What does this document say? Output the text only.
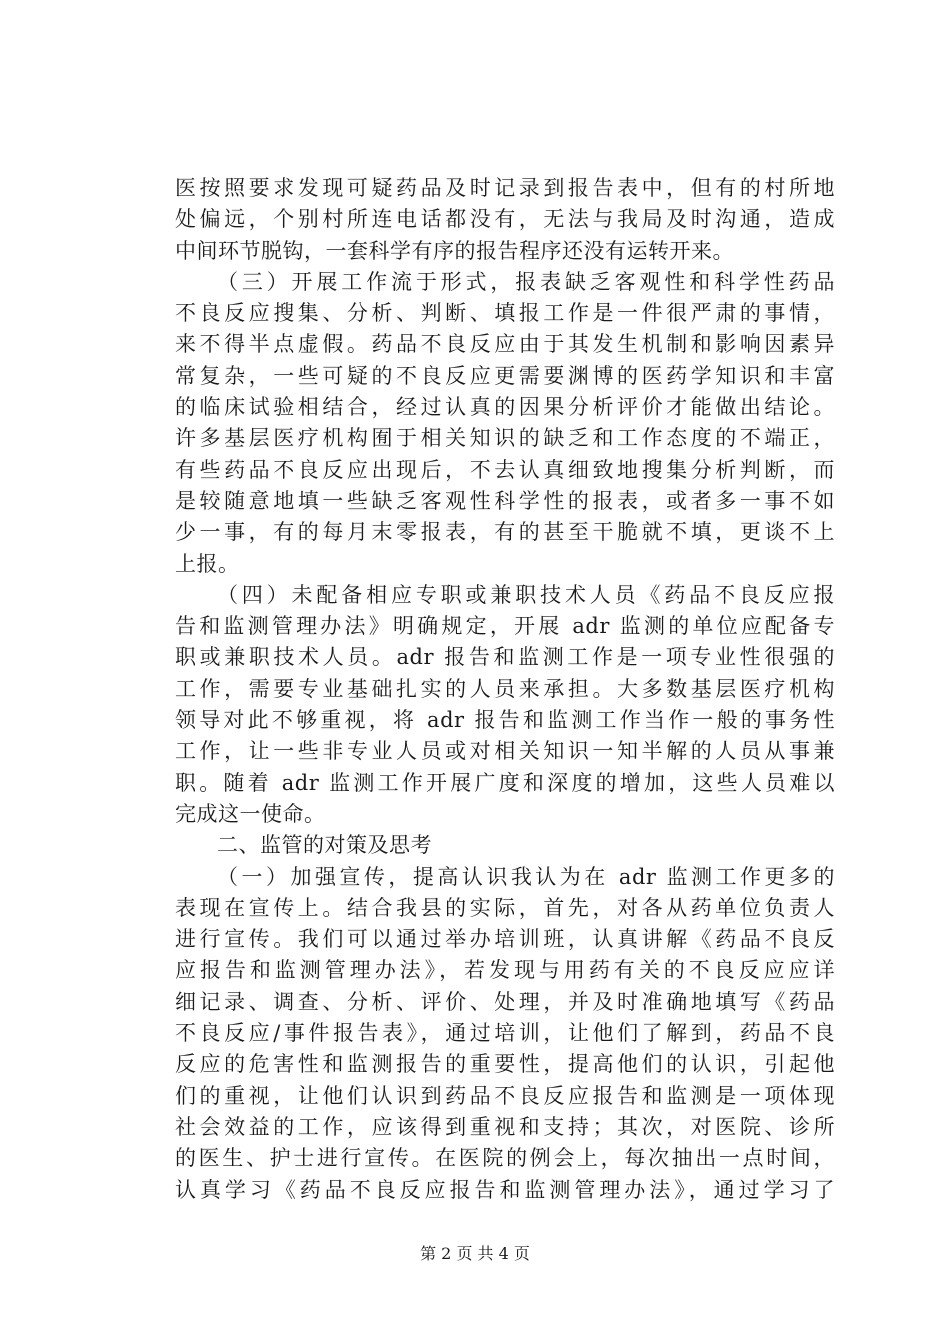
医按照要求发现可疑药品及时记录到报告表中，但有的村所地
处偏远，个别村所连电话都没有，无法与我局及时沟通，造成
中间环节脱钩，一套科学有序的报告程序还没有运转开来。
（三）开展工作流于形式，报表缺乏客观性和科学性药品
不良反应搜集、分析、判断、填报工作是一件很严肃的事情，
来不得半点虚假。药品不良反应由于其发生机制和影响因素异
常复杂，一些可疑的不良反应更需要渊博的医药学知识和丰富
的临床试验相结合，经过认真的因果分析评价才能做出结论。
许多基层医疗机构囿于相关知识的缺乏和工作态度的不端正，
有些药品不良反应出现后，不去认真细致地搜集分析判断，而
是较随意地填一些缺乏客观性科学性的报表，或者多一事不如
少一事，有的每月末零报表，有的甚至干脆就不填，更谈不上
上报。
（四）未配备相应专职或兼职技术人员《药品不良反应报
告和监测管理办法》明确规定，开展 adr 监测的单位应配备专
职或兼职技术人员。adr 报告和监测工作是一项专业性很强的
工作，需要专业基础扎实的人员来承担。大多数基层医疗机构
领导对此不够重视，将 adr 报告和监测工作当作一般的事务性
工作，让一些非专业人员或对相关知识一知半解的人员从事兼
职。随着 adr 监测工作开展广度和深度的增加，这些人员难以
完成这一使命。
二、监管的对策及思考
（一）加强宣传，提高认识我认为在 adr 监测工作更多的
表现在宣传上。结合我县的实际，首先，对各从药单位负责人
进行宣传。我们可以通过举办培训班，认真讲解《药品不良反
应报告和监测管理办法》，若发现与用药有关的不良反应应详
细记录、调查、分析、评价、处理，并及时准确地填写《药品
不良反应/事件报告表》，通过培训，让他们了解到，药品不良
反应的危害性和监测报告的重要性，提高他们的认识，引起他
们的重视，让他们认识到药品不良反应报告和监测是一项体现
社会效益的工作，应该得到重视和支持；其次，对医院、诊所
的医生、护士进行宣传。在医院的例会上，每次抽出一点时间，
认真学习《药品不良反应报告和监测管理办法》，通过学习了
第 2 页 共 4 页
